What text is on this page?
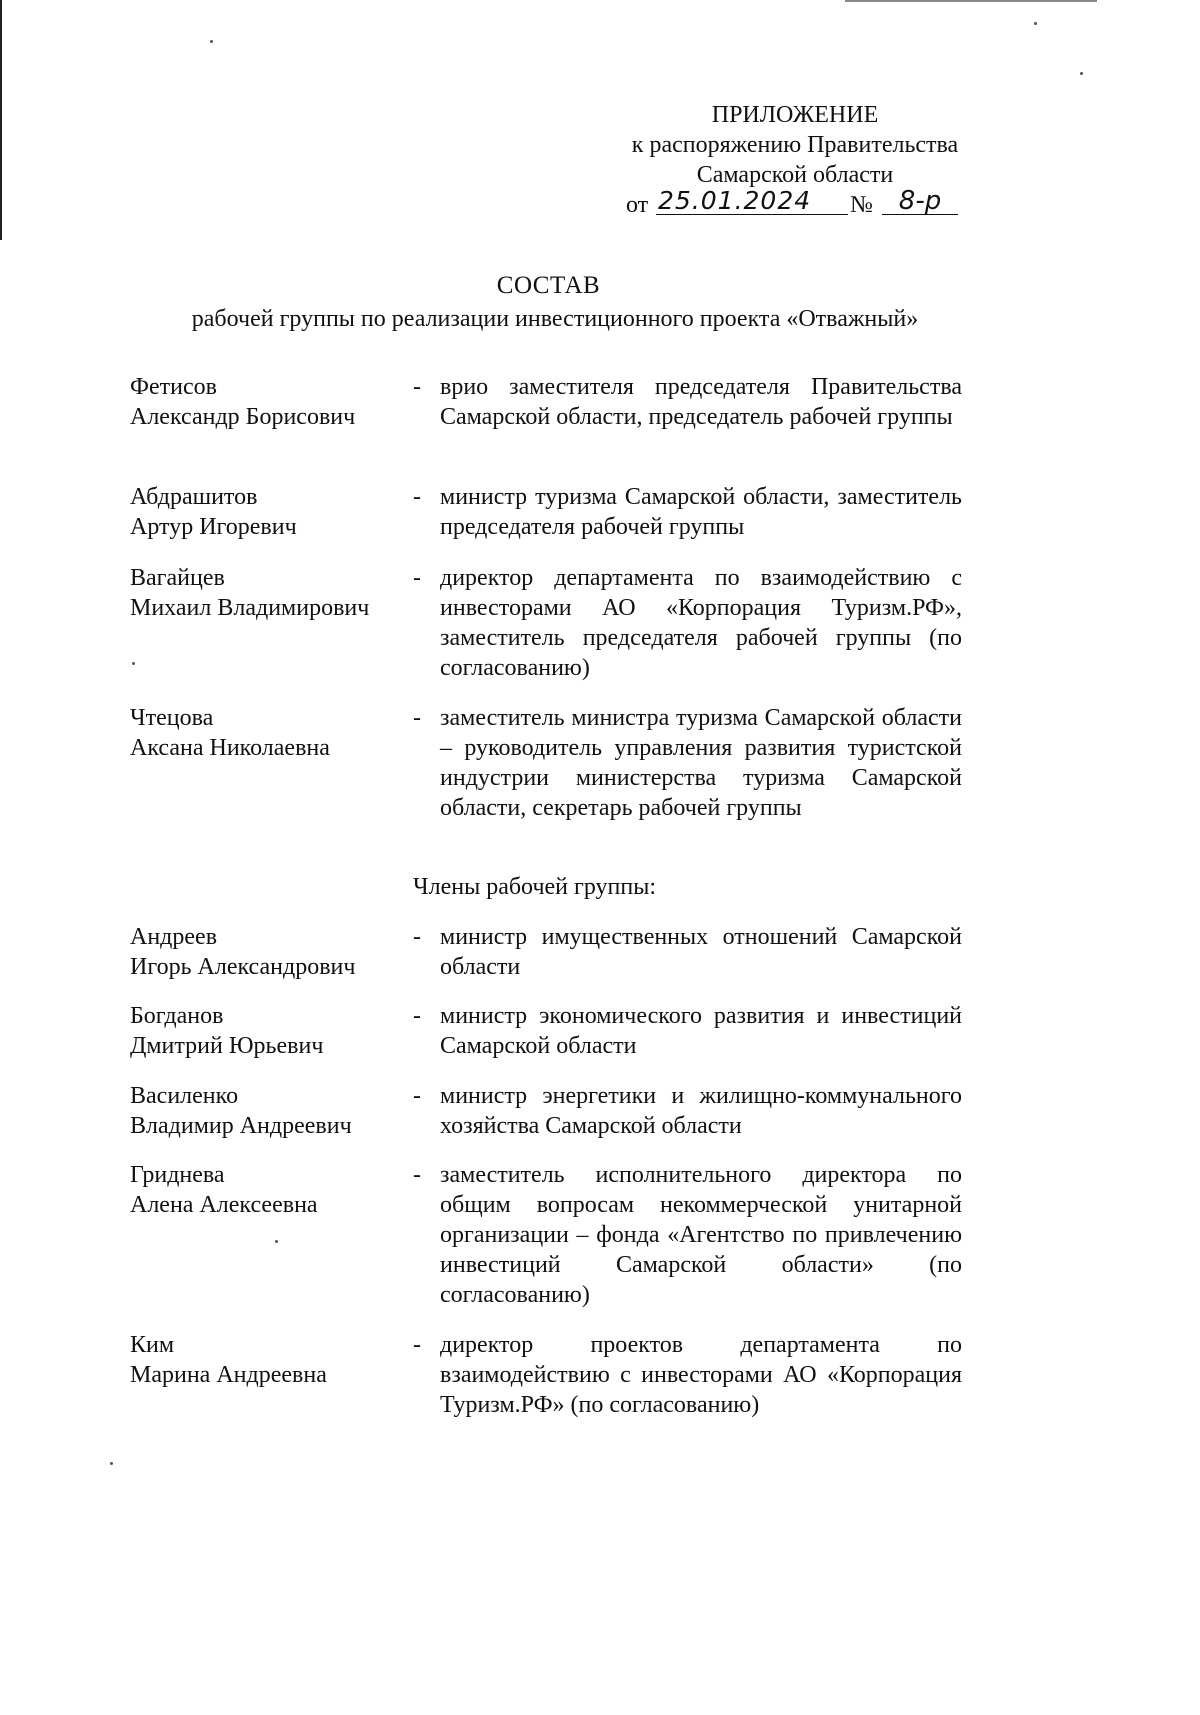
ПРИЛОЖЕНИЕ
к распоряжению Правительства
Самарской области
от 25.01.2024	№ 8-р
СОСТАВ
рабочей группы по реализации инвестиционного проекта «Отважный»
Фетисов
Александр Борисович
- врио заместителя председателя Правительства Самарской области, председатель рабочей группы
Абдрашитов
Артур Игоревич
- министр туризма Самарской области, заместитель председателя рабочей группы
Вагайцев
Михаил Владимирович
- директор департамента по взаимодействию с инвесторами АО «Корпорация Туризм.РФ», заместитель председателя рабочей группы (по согласованию)
Чтецова
Аксана Николаевна
- заместитель министра туризма Самарской области – руководитель управления развития туристской индустрии министерства туризма Самарской области, секретарь рабочей группы
Члены рабочей группы:
Андреев
Игорь Александрович
- министр имущественных отношений Самарской области
Богданов
Дмитрий Юрьевич
- министр экономического развития и инвестиций Самарской области
Василенко
Владимир Андреевич
- министр энергетики и жилищно-коммунального хозяйства Самарской области
Гриднева
Алена Алексеевна
- заместитель исполнительного директора по общим вопросам некоммерческой унитарной организации – фонда «Агентство по привлечению инвестиций Самарской области» (по согласованию)
Ким
Марина Андреевна
- директор проектов департамента по взаимодействию с инвесторами АО «Корпорация Туризм.РФ» (по согласованию)
